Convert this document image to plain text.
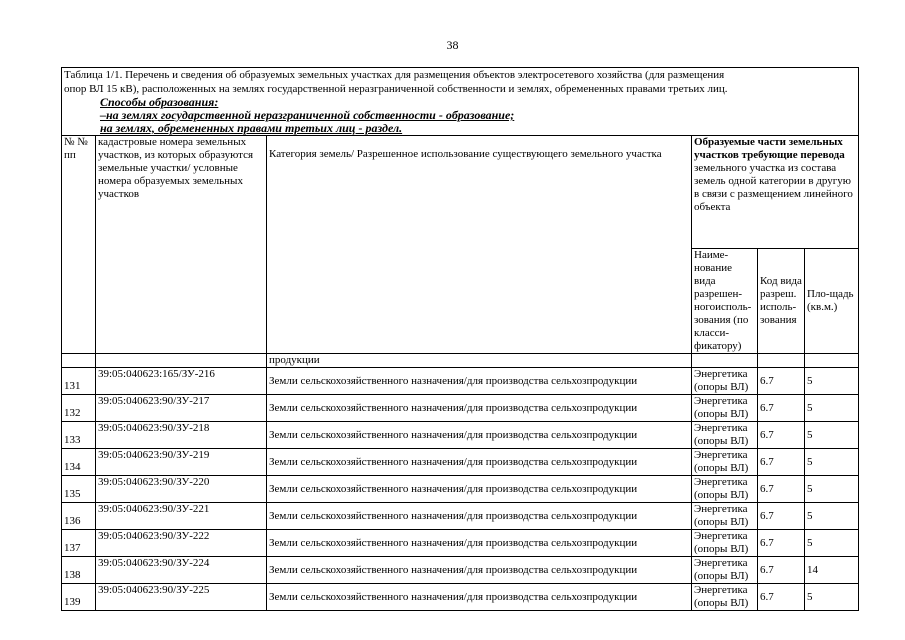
38
Таблица 1/1. Перечень и сведения об образуемых земельных участках для размещения объектов электросетевого хозяйства (для размещения
опор ВЛ 15 кВ), расположенных на землях государственной неразграниченной собственности и землях, обремененных правами третьих лиц.
Способы образования:
–на землях государственной неразграниченной собственности - образование;
на землях, обремененных правами третьих лиц - раздел.					

№ № пп	кадастровые номера земельных участков, из которых образуются земельные участки/ условные номера образуемых земельных участков	Категория земель/ Разрешенное использование существующего земельного участка	Образуемые части земельных участков требующие перевода земельного участка из состава земель одной категории в другую в связи с размещением линейного объекта		
			Наиме-нование вида разрешен-ногоисполь-зования (по класси-фикатору)	Код вида разреш. исполь-зования	Пло-щадь (кв.м.)
		продукции			
131	39:05:040623:165/ЗУ-216	Земли сельскохозяйственного назначения/для производства сельхозпродукции	Энергетика (опоры ВЛ)	6.7	5
132	39:05:040623:90/ЗУ-217	Земли сельскохозяйственного назначения/для производства сельхозпродукции	Энергетика (опоры ВЛ)	6.7	5
133	39:05:040623:90/ЗУ-218	Земли сельскохозяйственного назначения/для производства сельхозпродукции	Энергетика (опоры ВЛ)	6.7	5
134	39:05:040623:90/ЗУ-219	Земли сельскохозяйственного назначения/для производства сельхозпродукции	Энергетика (опоры ВЛ)	6.7	5
135	39:05:040623:90/ЗУ-220	Земли сельскохозяйственного назначения/для производства сельхозпродукции	Энергетика (опоры ВЛ)	6.7	5
136	39:05:040623:90/ЗУ-221	Земли сельскохозяйственного назначения/для производства сельхозпродукции	Энергетика (опоры ВЛ)	6.7	5
137	39:05:040623:90/ЗУ-222	Земли сельскохозяйственного назначения/для производства сельхозпродукции	Энергетика (опоры ВЛ)	6.7	5
138	39:05:040623:90/ЗУ-224	Земли сельскохозяйственного назначения/для производства сельхозпродукции	Энергетика (опоры ВЛ)	6.7	14
139	39:05:040623:90/ЗУ-225	Земли сельскохозяйственного назначения/для производства сельхозпродукции	Энергетика (опоры ВЛ)	6.7	5
